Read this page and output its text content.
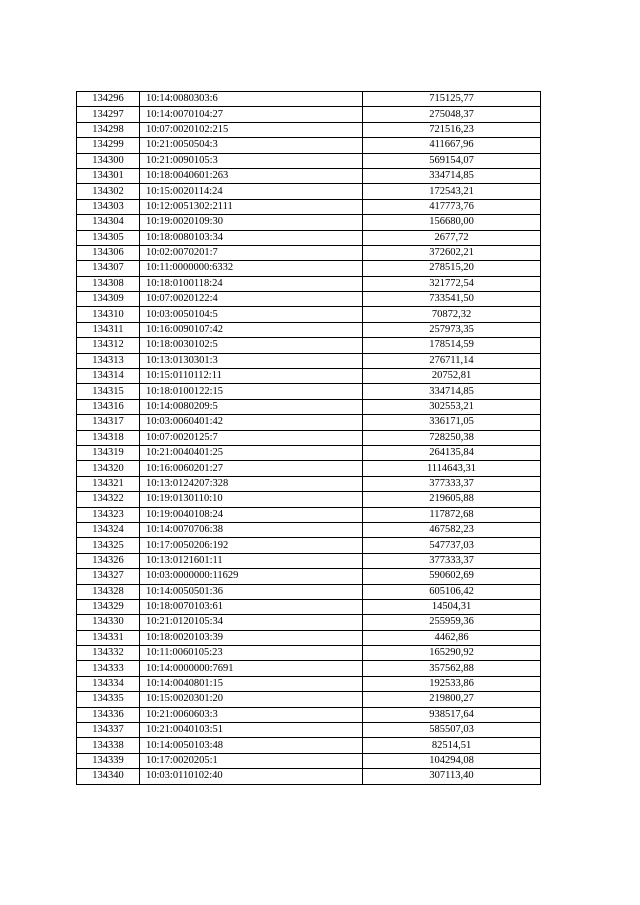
134296	10:14:0080303:6	715125,77
134297	10:14:0070104:27	275048,37
134298	10:07:0020102:215	721516,23
134299	10:21:0050504:3	411667,96
134300	10:21:0090105:3	569154,07
134301	10:18:0040601:263	334714,85
134302	10:15:0020114:24	172543,21
134303	10:12:0051302:2111	417773,76
134304	10:19:0020109:30	156680,00
134305	10:18:0080103:34	2677,72
134306	10:02:0070201:7	372602,21
134307	10:11:0000000:6332	278515,20
134308	10:18:0100118:24	321772,54
134309	10:07:0020122:4	733541,50
134310	10:03:0050104:5	70872,32
134311	10:16:0090107:42	257973,35
134312	10:18:0030102:5	178514,59
134313	10:13:0130301:3	276711,14
134314	10:15:0110112:11	20752,81
134315	10:18:0100122:15	334714,85
134316	10:14:0080209:5	302553,21
134317	10:03:0060401:42	336171,05
134318	10:07:0020125:7	728250,38
134319	10:21:0040401:25	264135,84
134320	10:16:0060201:27	1114643,31
134321	10:13:0124207:328	377333,37
134322	10:19:0130110:10	219605,88
134323	10:19:0040108:24	117872,68
134324	10:14:0070706:38	467582,23
134325	10:17:0050206:192	547737,03
134326	10:13:0121601:11	377333,37
134327	10:03:0000000:11629	590602,69
134328	10:14:0050501:36	605106,42
134329	10:18:0070103:61	14504,31
134330	10:21:0120105:34	255959,36
134331	10:18:0020103:39	4462,86
134332	10:11:0060105:23	165290,92
134333	10:14:0000000:7691	357562,88
134334	10:14:0040801:15	192533,86
134335	10:15:0020301:20	219800,27
134336	10:21:0060603:3	938517,64
134337	10:21:0040103:51	585507,03
134338	10:14:0050103:48	82514,51
134339	10:17:0020205:1	104294,08
134340	10:03:0110102:40	307113,40
